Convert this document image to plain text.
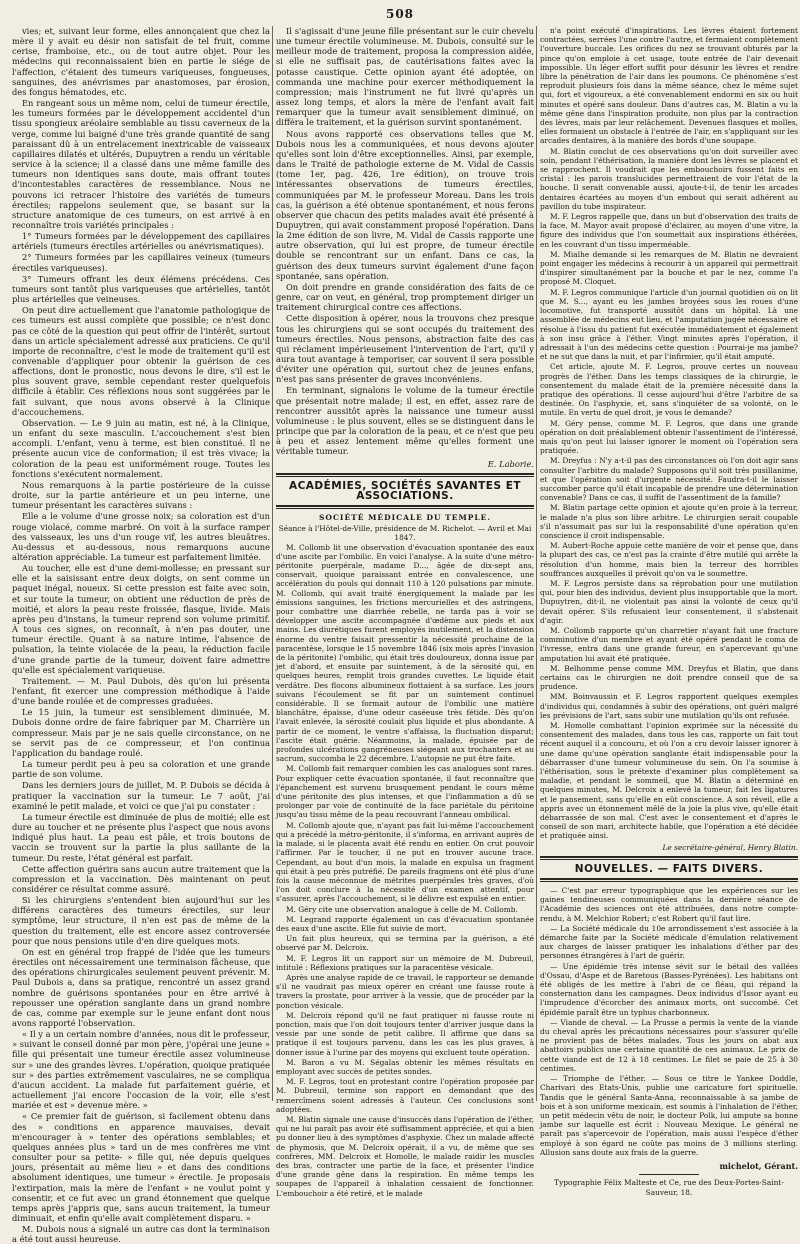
508

vies; et, suivant leur forme, elles annonçaient que chez la mère il y avait eu désir non satisfait de tel fruit, comme cerise, framboise, etc., ou de tout autre objet. Pour les médecins qui reconnaissaient bien en partie le siége de l'affection, c'étaient des tumeurs variqueuses, fongueuses, sanguines, des anévrismes par anastomoses, par érosion, des fongus hématodes, etc.

En rangeant sous un même nom, celui de tumeur érectile, les tumeurs formées par le développement accidentel d'un tissu spongieux aréolaire semblable au tissu caverneux de la verge, comme lui baigné d'une très grande quantité de sang paraissant dû à un entrelacement inextricable de vaisseaux capillaires dilatés et ultérés, Dupuytren a rendu un véritable service à la science; il a classé dans une même famille des tumeurs non identiques sans doute, mais offrant toutes d'incontestables caractères de ressemblance. Nous ne pouvons ici retracer l'histoire des variétés de tumeurs érectiles; rappelons seulement que, se basant sur la structure anatomique de ces tumeurs, on est arrivé à en reconnaître trois variétés principales :

1° Tumeurs formées par le développement des capillaires artériels (tumeurs érectiles artérielles ou anévrismatiques).

2° Tumeurs formées par les capillaires veineux (tumeurs érectiles variqueuses).

3° Tumeurs offrant les deux élémens précédens. Ces tumeurs sont tantôt plus variqueuses que artérielles, tantôt plus artérielles que veineuses.

On peut dire actuellement que l'anatomie pathologique de ces tumeurs est aussi complète que possible; ce n'est donc pas ce côté de la question qui peut offrir de l'intérêt, surtout dans un article spécialement adressé aux praticiens. Ce qu'il importe de reconnaître, c'est le mode de traitement qu'il est convenable d'appliquer pour obtenir la guérison de ces affections, dont le pronostic, nous devons le dire, s'il est le plus souvent grave, semble cependant rester quelquefois difficile à établir. Ces réflexions nous sont suggérées par le fait suivant, que nous avons observé à la Clinique d'accouchemens.

Observation. — Le 9 juin au matin, est né, à la Clinique, un enfant du sexe masculin. L'accouchement s'est bien accompli. L'enfant, venu à terme, est bien constitué. Il ne présente aucun vice de conformation; il est très vivace; la coloration de la peau est uniformément rouge. Toutes les fonctions s'exécutent normalement.

Nous remarquons à la partie postérieure de la cuisse droite, sur la partie antérieure et un peu interne, une tumeur présentant les caractères suivans :

Elle a le volume d'une grosse noix; sa coloration est d'un rouge violacé, comme marbré. On voit à la surface ramper des vaisseaux, les uns d'un rouge vif, les autres bleuâtres. Au-dessus et au-dessous, nous remarquons aucune altération appréciable. La tumeur est parfaitement limitée.

Au toucher, elle est d'une demi-mollesse; en pressant sur elle et la saisissant entre deux doigts, on sent comme un paquet inégal, noueux. Si cette pression est faite avec soin, et sur toute la tumeur, on obtient une réduction de près de moitié, et alors la peau reste froissée, flasque, livide. Mais après peu d'instans, la tumeur reprend son volume primitif. À tous ces signes, on reconnaît, à n'en pas douter, une tumeur érectile. Quant à sa nature intime, l'absence de pulsation, la teinte violacée de la peau, la réduction facile d'une grande partie de la tumeur, doivent faire admettre qu'elle est spécialement variqueuse.

Traitement. — M. Paul Dubois, dès qu'on lui présenta l'enfant, fit exercer une compression méthodique à l'aide d'une bande roulée et de compresses graduées.

Le 15 juin, la tumeur est sensiblement diminuée, M. Dubois donne ordre de faire fabriquer par M. Charrière un compresseur. Mais par je ne sais quelle circonstance, on ne se servit pas de ce compresseur, et l'on continua l'application du bandage roulé.

La tumeur perdit peu à peu sa coloration et une grande partie de son volume.

Dans les derniers jours de juillet, M. P. Dubois se décida à pratiquer la vaccination sur la tumeur. Le 7 août, j'ai examiné le petit malade, et voici ce que j'ai pu constater :

La tumeur érectile est diminuée de plus de moitié; elle est dure au toucher et ne présente plus l'aspect que nous avons indiqué plus haut. La peau est pâle, et trois boutons de vaccin se trouvent sur la partie la plus saillante de la tumeur. Du reste, l'état général est parfait.

Cette affection guérira sans aucun autre traitement que la compression et la vaccination. Dès maintenant on peut considérer ce résultat comme assuré.

Si les chirurgiens s'entendent bien aujourd'hui sur les différens caractères des tumeurs érectiles, sur leur symptôme, leur structure, il n'en est pas de même de la question du traitement, elle est encore assez controversée pour que nous pensions utile d'en dire quelques mots.

On est en général trop frappé de l'idée que les tumeurs érectiles ont nécessairement une terminaison fâcheuse, que des opérations chirurgicales seulement peuvent prévenir. M. Paul Dubois a, dans sa pratique, rencontré un assez grand nombre de guérisons spontanées pour en être arrivé à repousser une opération sanglante dans un grand nombre de cas, comme par exemple sur le jeune enfant dont nous avons rapporté l'observation.

« Il y a un certain nombre d'années, nous dit le professeur, » suivant le conseil donné par mon père, j'opérai une jeune » fille qui présentait une tumeur érectile assez volumineuse sur » une des grandes lèvres. L'opération, quoique pratiquée sur » des parties extrêmement vasculaires, ne se compliqua d'aucun accident. La malade fut parfaitement guérie, et actuellement j'ai encore l'occasion de la voir, elle s'est mariée et est » devenue mère. »

« Ce premier fait de guérison, si facilement obtenu dans des » conditions en apparence mauvaises, devait m'encourager à » tenter des opérations semblables; et quelques années plus » tard un de mes confrères me vint consulter pour sa petite- » fille qui, née depuis quelques jours, présentait au même lieu » et dans des conditions absolument identiques, une tumeur » érectile. Je proposais l'extirpation, mais la mère de l'enfant » ne voulut point y consentir, et ce fut avec un grand étonnement que quelque temps après j'appris que, sans aucun traitement, la tumeur diminuait, et enfin qu'elle avait complètement disparu. »

M. Dubois nous a signalé un autre cas dont la terminaison a été tout aussi heureuse.

Il s'agissait d'une jeune fille présentant sur le cuir chevelu une tumeur érectile volumineuse. M. Dubois, consulté sur le meilleur mode de traitement, proposa la compression aidée, si elle ne suffisait pas, de cautérisations faites avec la potasse caustique. Cette opinion ayant été adoptée, on commanda une machine pour exercer méthodiquement la compression; mais l'instrument ne fut livré qu'après un assez long temps, et alors la mère de l'enfant avait fait remarquer que la tumeur avait sensiblement diminué, on différa le traitement, et la guérison survint spontanément.

Nous avons rapporté ces observations telles que M. Dubois nous les a communiquées, et nous devons ajouter qu'elles sont loin d'être exceptionnelles. Ainsi, par exemple, dans le Traité de pathologie externe de M. Vidal de Cassis (tome 1er, pag. 426, 1re édition), on trouve trois intéressantes observations de tumeurs érectiles, communiquées par M. le professeur Moreau. Dans les trois cas, la guérison a été obtenue spontanément, et nous ferons observer que chacun des petits malades avait été présenté à Dupuytren, qui avait constamment proposé l'opération. Dans la 2me édition de son livre, M. Vidal de Cassis rapporte une autre observation, qui lui est propre, de tumeur érectile double se rencontrant sur un enfant. Dans ce cas, la guérison des deux tumeurs survint également d'une façon spontanée, sans opération.

On doit prendre en grande considération des faits de ce genre, car on veut, en général, trop promptement diriger un traitement chirurgical contre ces affections.

Cette disposition à opérer, nous la trouvons chez presque tous les chirurgiens qui se sont occupés du traitement des tumeurs érectiles. Nous pensons, abstraction faite des cas qui réclament impérieusement l'intervention de l'art, qu'il y aura tout avantage à temporiser, car souvent il sera possible d'éviter une opération qui, surtout chez de jeunes enfans, n'est pas sans présenter de graves inconvéniens.

En terminant, signalons le volume de la tumeur érectile que présentait notre malade; il est, en effet, assez rare de rencontrer aussitôt après la naissance une tumeur aussi volumineuse : le plus souvent, elles se se distinguent dans le principe que par la coloration de la peau, et ce n'est que peu à peu et assez lentement même qu'elles forment une véritable tumeur.

E. Laborie.
ACADÉMIES, SOCIÉTÉS SAVANTES ET ASSOCIATIONS.
SOCIÉTÉ MÉDICALE DU TEMPLE.
Séance à l'Hôtel-de-Ville, présidence de M. Richelot. — Avril et Mai 1847.

M. Collomb lit une observation d'évacuation spontanée des eaux d'une ascite par l'ombilic. En voici l'analyse. A la suite d'une métro-péritonite puerpérale, madame D..., âgée de dix-sept ans, conservait, quoique paraissant entrée en convalescence, une accélération du pouls qui donnait 110 à 120 pulsations par minute. M. Collomb, qui avait traité énergiquement la malade par les émissions sanguines, les frictions mercurielles et des astringens, pour combattre une diarrhée rebelle, ne tarda pas à voir se développer une ascite accompagnée d'œdème aux pieds et aux mains. Les diurétiques furent employés inutilement, et la distension énorme du ventre faisait pressentir la nécessité prochaine de la paracentèse, lorsque le 15 novembre 1846 (six mois après l'invasion de la péritonite) l'ombilic, qui était très douloureux, donna issue par jet d'abord, et ensuite par suintement, à de la sérosité qui, en quelques heures, remplit trois grandes cuvettes. Le liquide était verdâtre. Des flocons albumineux flottaient à sa surface. Les jours suivans l'écoulement se fit par un suintement continuel considérable. Il se formait autour de l'ombilic une matière blanchâtre, épaisse, d'une odeur caséeuse très fétide. Dès qu'on l'avait enlevée, la sérosité coulait plus liquide et plus abondante. A partir de ce moment, le ventre s'affaissa, la fluctuation disparut; l'ascite était guérie. Néanmoins, la malade, épuisée par de profondes ulcérations gangréneuses siégeant aux trochanters et au sacrum, succomba le 22 décembre. L'autopsie ne put être faite.

M. Collomb fait remarquer combien les cas analogues sont rares. Pour expliquer cette évacuation spontanée, il faut reconnaître que l'épanchement est survenu brusquement pendant le cours même d'une péritonite des plus intenses, et que l'inflammation a dû se prolonger par voie de continuité de la face pariétale du péritoine jusqu'au tissu même de la peau recouvrant l'anneau ombilical.

M. Collomb ajoute que, n'ayant pas fait lui-même l'accouchement qui a précédé la métro-péritonite, il s'informa, en arrivant auprès de la malade, si le placenta avait été rendu en entier. On crut pouvoir l'affirmer. Par le toucher, il ne put en trouver aucune trace. Cependant, au bout d'un mois, la malade en expulsa un fragment qui était à peu près putréfié. De pareils fragmens ont été plus d'une fois la cause méconnue de métrites puerpérales très graves, d'où l'on doit conclure à la nécessité d'un examen attentif, pour s'assurer, après l'accouchement, si le délivre est expulsé en entier.

M. Géry cite une observation analogue à celle de M. Collomb.

M. Legrand rapporte également un cas d'évacuation spontanée des eaux d'une ascite. Elle fut suivie de mort.

Un fait plus heureux, qui se termina par la guérison, a été observé par M. Delcroix.

M. F. Legros lit un rapport sur un mémoire de M. Dubreuil, intitulé : Réflexions pratiques sur la paracentèse vésicale.

Après une analyse rapide de ce travail, le rapporteur se demande s'il ne vaudrait pas mieux opérer en créant une fausse route à travers la prostate, pour arriver à la vessie, que de procéder par la ponction vésicale.

M. Delcroix répond qu'il ne faut pratiquer ni fausse route ni ponction, mais que l'on doit toujours tenter d'arriver jusque dans la vessie par une sonde de petit calibre. Il affirme que dans sa pratique il est toujours parvenu, dans les cas les plus graves, à donner issue à l'urine par des moyens qui excluent toute opération.

M. Baron a vu M. Ségalas obtenir les mêmes résultats en employant avec succès de petites sondes.

M. F. Legros, tout en protestant contre l'opération proposée par M. Dubreuil, termine son rapport en demandant que des remercîmens soient adressés à l'auteur. Ces conclusions sont adoptées.

M. Blatin signale une cause d'insuccès dans l'opération de l'éther, qui ne lui paraît pas avoir été suffisamment appréciée, et qui a bien pu donner lieu à des symptômes d'asphyxie. Chez un malade affecté de phymosis, que M. Delcroix opérait, il a vu, de même que ses confrères, MM. Delcroix et Homolle, le malade raidir les muscles des bras, contracter une partie de la face, et présenter l'indice d'une grande gêne dans la respiration. En même temps les soupapes de l'appareil à inhalation cessaient de fonctionner. L'embouchoir a été retiré, et le malade

n'a point exécuté d'inspirations. Les lèvres étaient fortement contractées, serrées l'une contre l'autre, et fermaient complètement l'ouverture buccale. Les orifices du nez se trouvant obturés par la pince qu'on emploie à cet usage, toute entrée de l'air devenait impossible. Un léger effort suffit pour désunir les lèvres et rendre libre la pénétration de l'air dans les poumons. Ce phénomène s'est reproduit plusieurs fois dans la même séance, chez le même sujet qui, fort et vigoureux, a été convenablement endormi en six ou huit minutes et opéré sans douleur. Dans d'autres cas, M. Blatin a vu la même gêne dans l'inspiration produite, non plus par la contraction des lèvres, mais par leur relâchement. Devenues flasques et molles, elles formaient un obstacle à l'entrée de l'air, en s'appliquant sur les arcades dentaires, à la manière des bords d'une soupape.

M. Blatin conclut de ces observations qu'on doit surveiller avec soin, pendant l'éthérisation, la manière dont les lèvres se placent et se rapprochent. Il voudrait que les embouchoirs fussent faits en cristal : les parois translucides permettraient de voir l'état de la bouche. Il serait convenable aussi, ajoute-t-il, de tenir les arcades dentaires écartées au moyen d'un embout qui serait adhérent au pavillon du tube inspirateur.

M. F. Legros rappelle que, dans un but d'observation des traits de la face, M. Mayor avait proposé d'éclairer, au moyen d'une vitre, la figure des individus que l'on soumettait aux inspirations éthérées, en les couvrant d'un tissu imperméable.

M. Mialhe demande si les remarques de M. Blatin ne devraient point engager les médecins à recourir à un appareil qui permettrait d'inspirer simultanément par la bouche et par le nez, comme l'a proposé M. Cloquet.

M. F. Legros communique l'article d'un journal quotidien où on lit que M. S..., ayant eu les jambes broyées sous les roues d'une locomotive, fut transporté aussitôt dans un hôpital. Là une assemblée de médecins eut lieu, et l'amputation jugée nécessaire et résolue à l'issu du patient fut exécutée immédiatement et également à son insu grâce à l'éther. Vingt minutes après l'opération, il adressait à l'un des médecins cette question : Pourrai-je ma jambe? et ne sut que dans la nuit, et par l'infirmier, qu'il était amputé.

Cet article, ajoute M. F. Legros, prouve certes un nouveau progrès de l'éther. Dans les temps classiques de la chirurgie, le consentement du malade était de la première nécessité dans la pratique des opérations. Il cesse aujourd'hui d'être l'arbitre de sa destinée. On l'asphyxie, et, sans s'inquiéter de sa volonté, on le mutile. En vertu de quel droit, je vous le demande?

M. Géry pense, comme M. F. Legros, que dans une grande opération on doit préalablement obtenir l'assentiment de l'intéressé, mais qu'on peut lui laisser ignorer le moment où l'opération sera pratiquée.

M. Dreyfus : N'y a-t-il pas des circonstances où l'on doit agir sans consulter l'arbitre du malade? Supposons qu'il soit très pusillanime, et que l'opération soit d'urgente nécessité. Faudra-t-il le laisser succomber parce qu'il était incapable de prendre une détermination convenable? Dans ce cas, il suffit de l'assentiment de la famille?

M. Blatin partage cette opinion et ajoute qu'en proie à la terreur, le malade n'a plus son libre arbitre. Le chirurgien serait coupable s'il n'assumait pas sur lui la responsabilité d'une opération qu'en conscience il croit indispensable.

M. Aubert-Roche appuie cette manière de voir et pense que, dans la plupart des cas, ce n'est pas la crainte d'être mutilé qui arrête la résolution d'un homme, mais bien la terreur des horribles souffrances auxquelles il prévoit qu'on va le soumettre.

M. F. Legros persiste dans sa réprobation pour une mutilation qui, pour bien des individus, devient plus insupportable que la mort. Dupuytren, dit-il, ne violentait pas ainsi la volonté de ceux qu'il devait opérer. S'ils refusaient leur consentement, il s'abstenait d'agir.

M. Collomb rapporte qu'un charretier n'ayant fait une fracture comminutive d'un membre et ayant été opéré pendant le coma de l'ivresse, entra dans une grande fureur, en s'apercevant qu'une amputation lui avait été pratiquée.

M. Belhomme pense comme MM. Dreyfus et Blatin, que dans certains cas le chirurgien ne doit prendre conseil que de sa prudence.

MM. Boinvaussin et F. Legros rapportent quelques exemples d'individus qui, condamnés à subir des opérations, ont guéri malgré les prévisions de l'art, sans subir une mutilation qu'ils ont refusée.

M. Homolle combattant l'opinion exprimée sur la nécessité du consentement des malades, dans tous les cas, rapporte un fait tout récent auquel il a concouru, et où l'on a cru devoir laisser ignorer à une dame qu'une opération sanglante était indispensable pour la débarrasser d'une tumeur volumineuse du sein. On l'a soumise à l'éthérisation, sous le prétexte d'examiner plus complètement sa maladie, et pendant le sommeil, que M. Blatin a déterminé en quelques minutes, M. Delcroix a enlevé la tumeur, fait les ligatures et le pansement, sans qu'elle en eût conscience. A son réveil, elle a appris avec un étonnement mêlé de la joie la plus vive, qu'elle était débarrassée de son mal. C'est avec le consentement et d'après le conseil de son mari, architecte habile, que l'opération a été décidée et pratiquée ainsi.

Le secrétaire-général, Henry Blatin.
NOUVELLES. — FAITS DIVERS.

— C'est par erreur typographique que les expériences sur les gaines tendineuses communiquées dans la dernière séance de l'Académie des sciences ont été attribuées, dans notre compte-rendu, à M. Melchior Robert; c'est Robert qu'il faut lire.

— La Société médicale du 10e arrondissement s'est associée à la démarche faite par la Société médicale d'émulation relativement aux charges de laisser pratiquer les inhalations d'éther par des personnes étrangères à l'art de guérir.

— Une épidémie très intense sévit sur le bétail des vallées d'Ossau, d'Aspe et de Baretous (Basses-Pyrénées). Les habitans ont été obligés de les mettre à l'abri de ce fléau, qui répand la consternation dans les campagnes. Deux individus d'Issor ayant eu l'imprudence d'écorcher des animaux morts, ont succombé. Cet épidémie paraît être un typhus charbonneux.

— Viande de cheval. — La Prusse a permis la vente de la viande du cheval après les précautions nécessaires pour s'assurer qu'elle ne provient pas de bêtes malades. Tous les jours on abat aux abattoirs publics une certaine quantité de ces animaux. Le prix de cette viande est de 12 à 18 centimes. Le filet se paie de 25 à 30 centimes.

— Triomphe de l'éther. — Sous ce titre le Yankee Doddle, Charivari des Etats-Unis, publie une caricature fort spirituelle. Tandis que le général Santa-Anna, reconnaissable à sa jambe de bois et à son uniforme mexicain, est soumis à l'inhalation de l'éther, un petit médecin vêtu de noir, le docteur Polk, lui ampute sa bonne jambe sur laquelle est écrit : Nouveau Mexique. Le général ne paraît pas s'apercevoir de l'opération, mais aussi l'espèce d'éther employé à son égard ne coûte pas moins de 3 millions sterling. Allusion sans doute aux frais de la guerre.

michelot, Gérant.
Typographie Félix Malteste et Ce, rue des Deux-Portes-Saint-Sauveur, 18.
